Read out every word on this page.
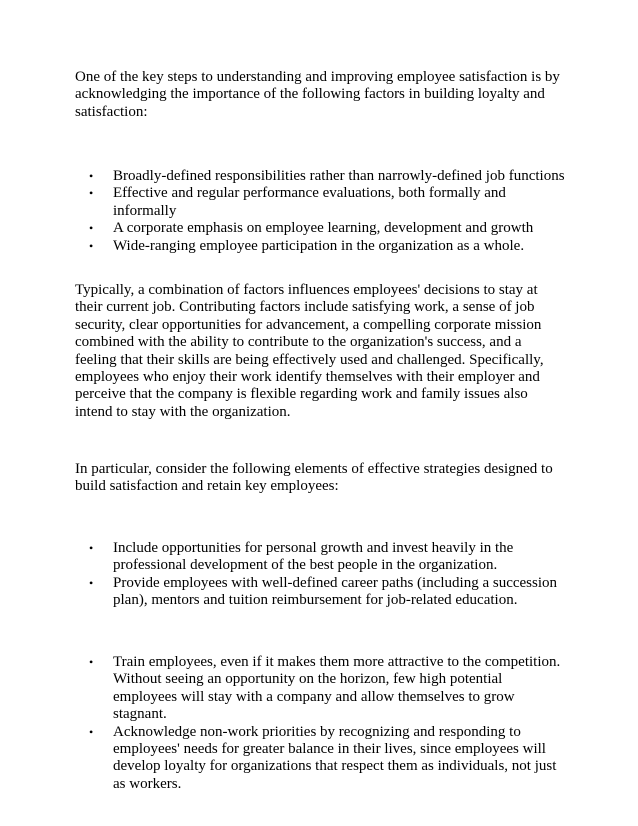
One of the key steps to understanding and improving employee satisfaction is by acknowledging the importance of the following factors in building loyalty and satisfaction:

• Broadly-defined responsibilities rather than narrowly-defined job functions
• Effective and regular performance evaluations, both formally and informally
• A corporate emphasis on employee learning, development and growth
• Wide-ranging employee participation in the organization as a whole.

Typically, a combination of factors influences employees' decisions to stay at their current job. Contributing factors include satisfying work, a sense of job security, clear opportunities for advancement, a compelling corporate mission combined with the ability to contribute to the organization's success, and a feeling that their skills are being effectively used and challenged. Specifically, employees who enjoy their work identify themselves with their employer and perceive that the company is flexible regarding work and family issues also intend to stay with the organization.

In particular, consider the following elements of effective strategies designed to build satisfaction and retain key employees:

• Include opportunities for personal growth and invest heavily in the professional development of the best people in the organization.
• Provide employees with well-defined career paths (including a succession plan), mentors and tuition reimbursement for job-related education.
• Train employees, even if it makes them more attractive to the competition. Without seeing an opportunity on the horizon, few high potential employees will stay with a company and allow themselves to grow stagnant.
• Acknowledge non-work priorities by recognizing and responding to employees' needs for greater balance in their lives, since employees will develop loyalty for organizations that respect them as individuals, not just as workers.
